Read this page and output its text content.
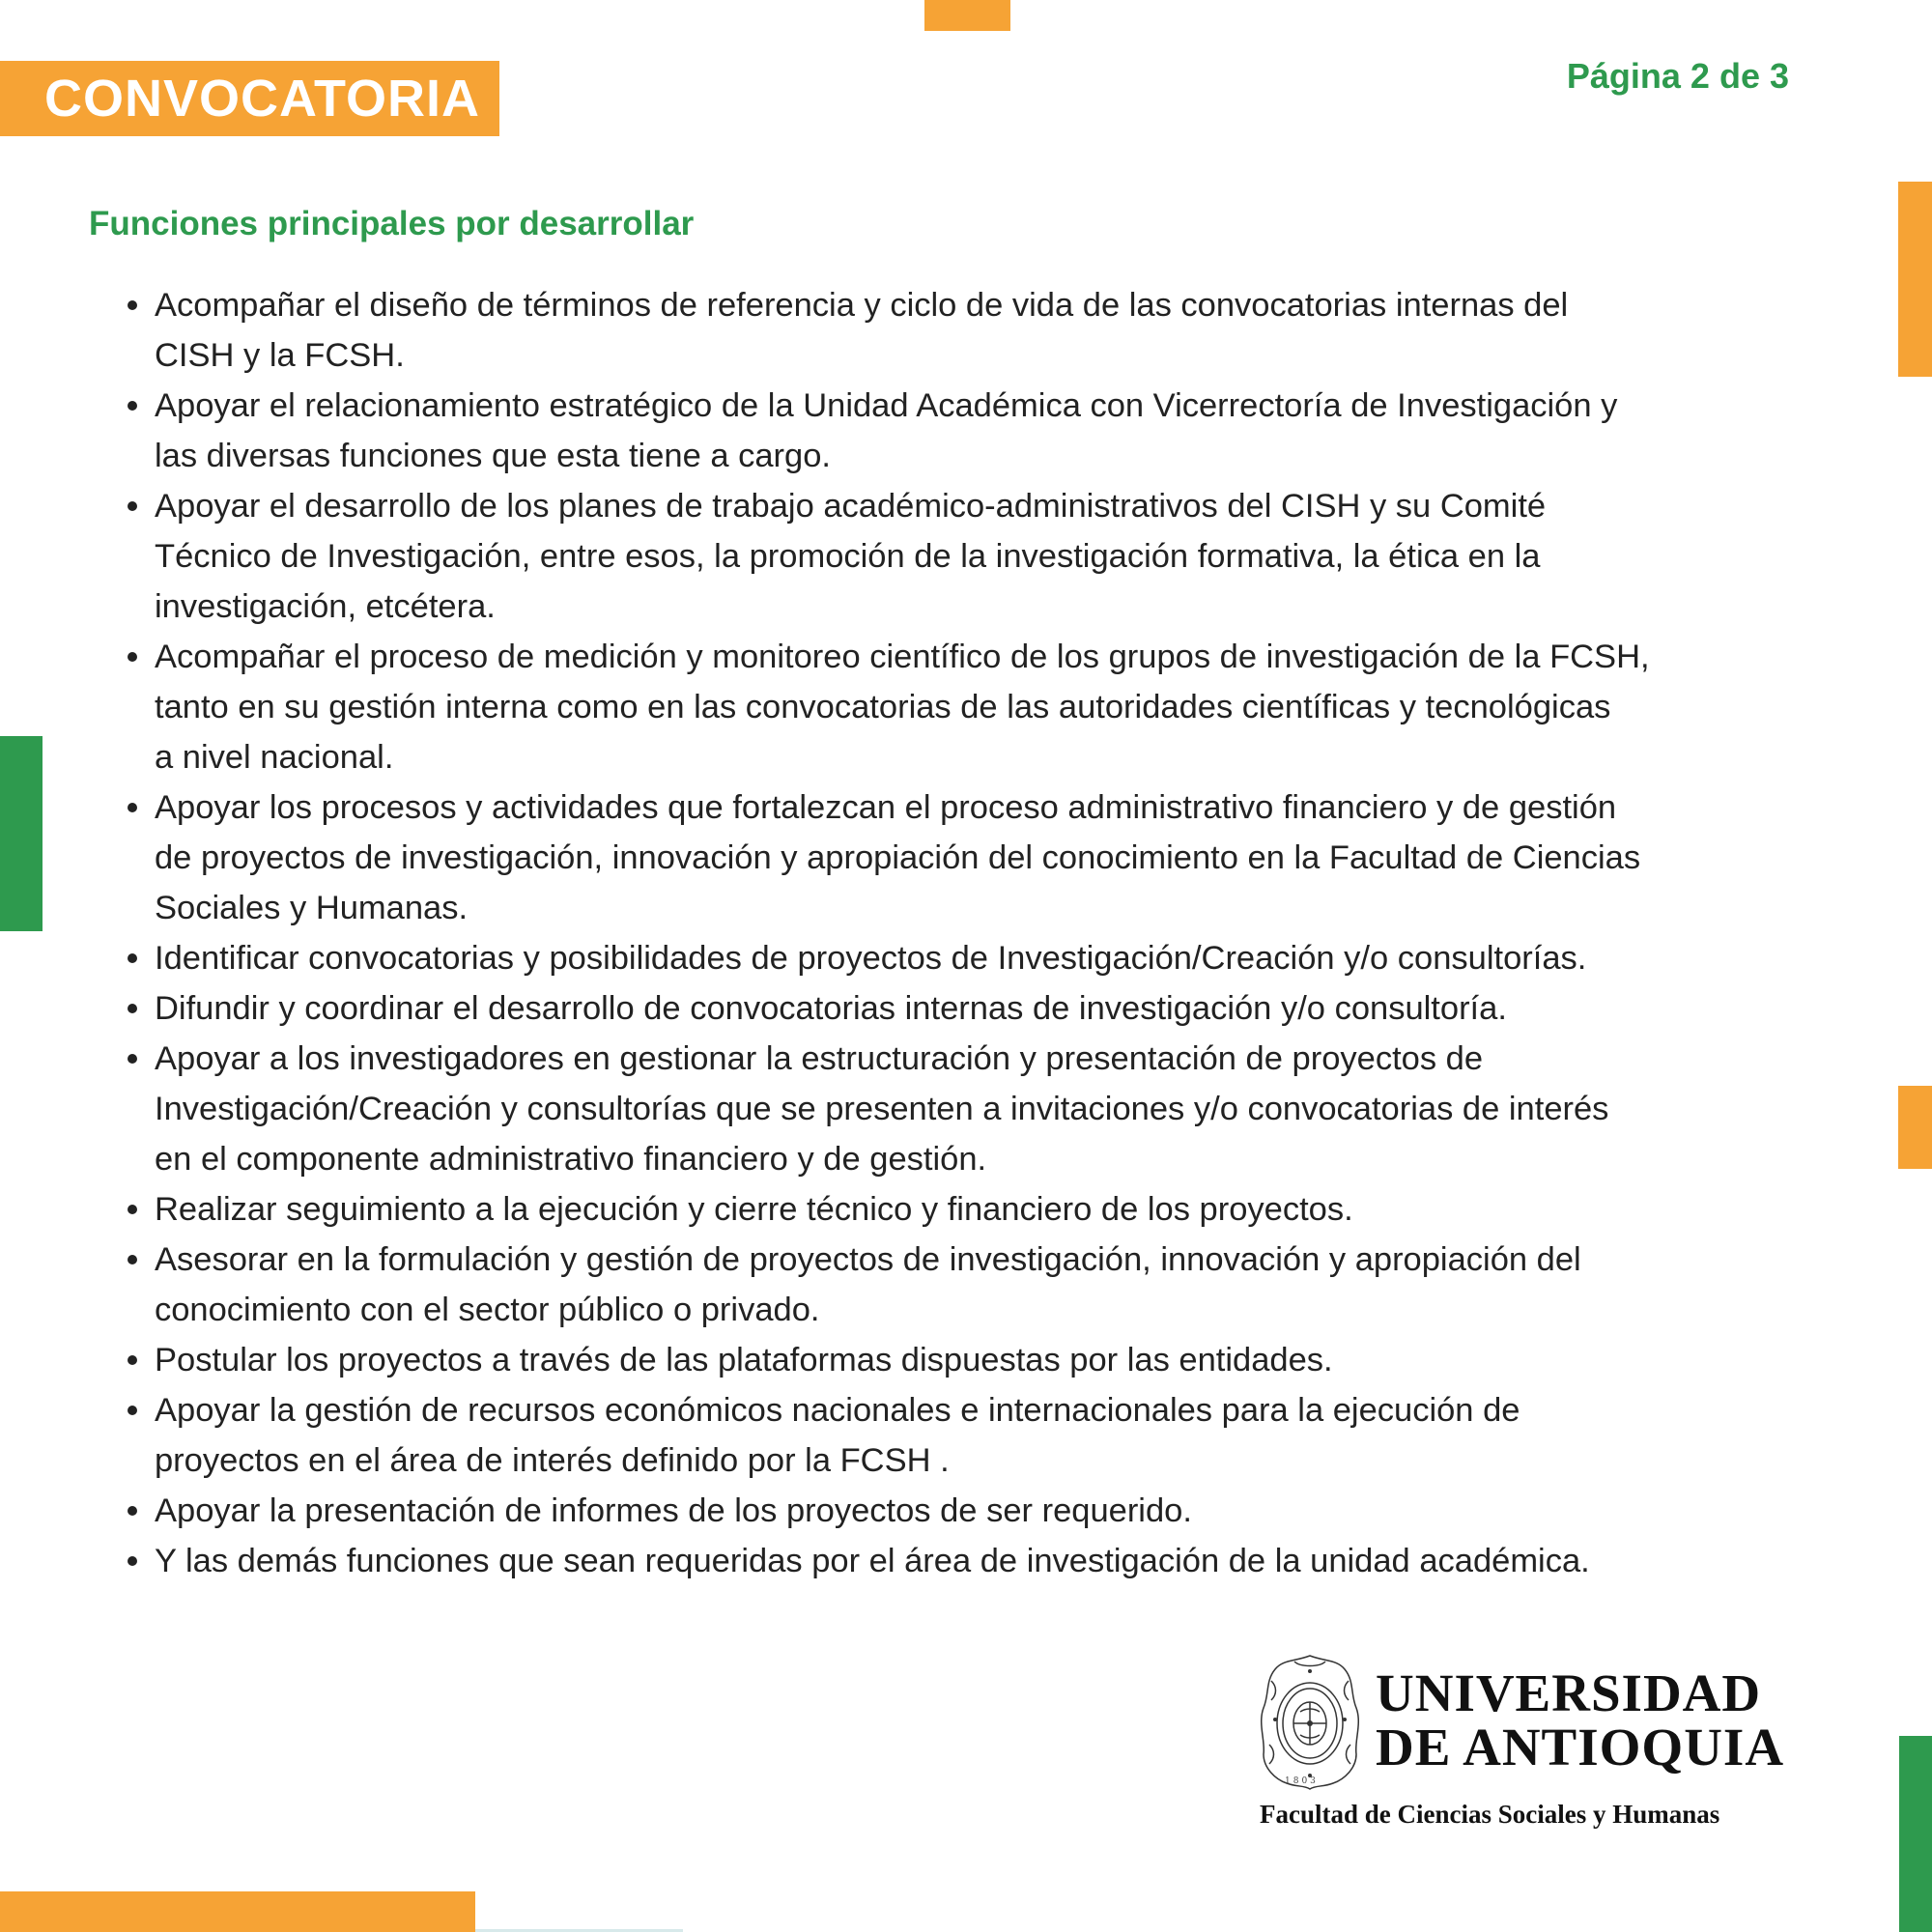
CONVOCATORIA	Página 2 de 3
Funciones principales por desarrollar
Acompañar el diseño de términos de referencia y ciclo de vida de las convocatorias internas del
CISH y la FCSH.
Apoyar el relacionamiento estratégico de la Unidad Académica con Vicerrectoría de Investigación y
las diversas funciones que esta tiene a cargo.
Apoyar el desarrollo de los planes de trabajo académico-administrativos del CISH y su Comité
Técnico de Investigación, entre esos, la promoción de la investigación formativa, la ética en la
investigación, etcétera.
Acompañar el proceso de medición y monitoreo científico de los grupos de investigación de la FCSH,
tanto en su gestión interna como en las convocatorias de las autoridades científicas y tecnológicas
a nivel nacional.
Apoyar los procesos y actividades que fortalezcan el proceso administrativo financiero y de gestión
de proyectos de investigación, innovación y apropiación del conocimiento en la Facultad de Ciencias
Sociales y Humanas.
Identificar convocatorias y posibilidades de proyectos de Investigación/Creación y/o consultorías.
Difundir y coordinar el desarrollo de convocatorias internas de investigación y/o consultoría.
Apoyar a los investigadores en gestionar la estructuración y presentación de proyectos de
Investigación/Creación y consultorías que se presenten a invitaciones y/o convocatorias de interés
en el componente administrativo financiero y de gestión.
Realizar seguimiento a la ejecución y cierre técnico y financiero de los proyectos.
Asesorar en la formulación y gestión de proyectos de investigación, innovación y apropiación del
conocimiento con el sector público o privado.
Postular los proyectos a través de las plataformas dispuestas por las entidades.
Apoyar la gestión de recursos económicos nacionales e internacionales para la ejecución de
proyectos en el área de interés definido por la FCSH .
Apoyar la presentación de informes de los proyectos de ser requerido.
Y las demás funciones que sean requeridas por el área de investigación de la unidad académica.
1803
UNIVERSIDAD
DE ANTIOQUIA
Facultad de Ciencias Sociales y Humanas
